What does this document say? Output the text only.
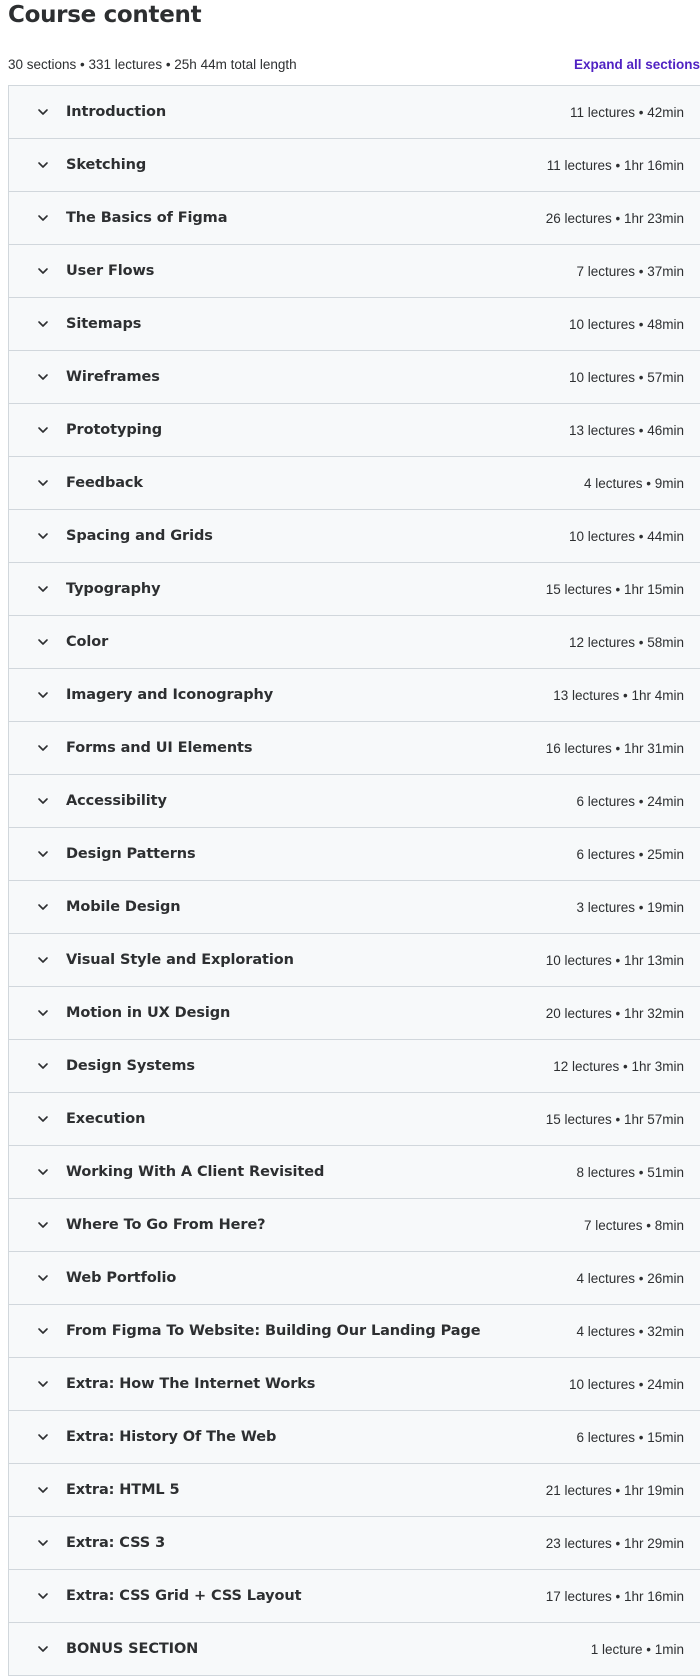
Course content
30 sections • 331 lectures • 25h 44m total length	Expand all sections
Introduction	11 lectures • 42min
Sketching	11 lectures • 1hr 16min
The Basics of Figma	26 lectures • 1hr 23min
User Flows	7 lectures • 37min
Sitemaps	10 lectures • 48min
Wireframes	10 lectures • 57min
Prototyping	13 lectures • 46min
Feedback	4 lectures • 9min
Spacing and Grids	10 lectures • 44min
Typography	15 lectures • 1hr 15min
Color	12 lectures • 58min
Imagery and Iconography	13 lectures • 1hr 4min
Forms and UI Elements	16 lectures • 1hr 31min
Accessibility	6 lectures • 24min
Design Patterns	6 lectures • 25min
Mobile Design	3 lectures • 19min
Visual Style and Exploration	10 lectures • 1hr 13min
Motion in UX Design	20 lectures • 1hr 32min
Design Systems	12 lectures • 1hr 3min
Execution	15 lectures • 1hr 57min
Working With A Client Revisited	8 lectures • 51min
Where To Go From Here?	7 lectures • 8min
Web Portfolio	4 lectures • 26min
From Figma To Website: Building Our Landing Page	4 lectures • 32min
Extra: How The Internet Works	10 lectures • 24min
Extra: History Of The Web	6 lectures • 15min
Extra: HTML 5	21 lectures • 1hr 19min
Extra: CSS 3	23 lectures • 1hr 29min
Extra: CSS Grid + CSS Layout	17 lectures • 1hr 16min
BONUS SECTION	1 lecture • 1min
